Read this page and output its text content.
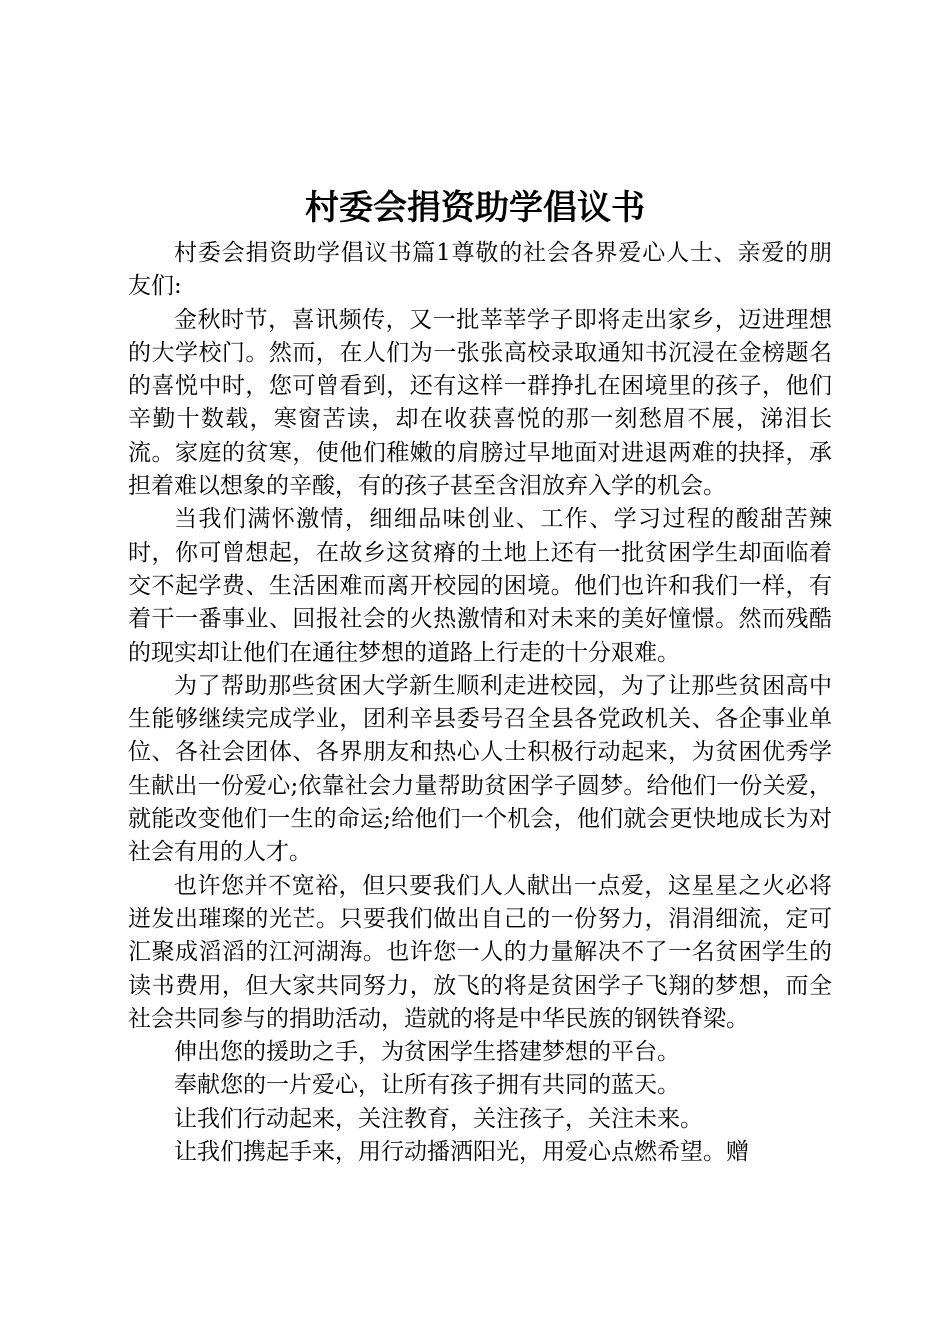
村委会捐资助学倡议书

村委会捐资助学倡议书篇1尊敬的社会各界爱心人士、亲爱的朋友们:

金秋时节，喜讯频传，又一批莘莘学子即将走出家乡，迈进理想的大学校门。然而，在人们为一张张高校录取通知书沉浸在金榜题名的喜悦中时，您可曾看到，还有这样一群挣扎在困境里的孩子，他们辛勤十数载，寒窗苦读，却在收获喜悦的那一刻愁眉不展，涕泪长流。家庭的贫寒，使他们稚嫩的肩膀过早地面对进退两难的抉择，承担着难以想象的辛酸，有的孩子甚至含泪放弃入学的机会。

当我们满怀激情，细细品味创业、工作、学习过程的酸甜苦辣时，你可曾想起，在故乡这贫瘠的土地上还有一批贫困学生却面临着交不起学费、生活困难而离开校园的困境。他们也许和我们一样，有着干一番事业、回报社会的火热激情和对未来的美好憧憬。然而残酷的现实却让他们在通往梦想的道路上行走的十分艰难。

为了帮助那些贫困大学新生顺利走进校园，为了让那些贫困高中生能够继续完成学业，团利辛县委号召全县各党政机关、各企事业单位、各社会团体、各界朋友和热心人士积极行动起来，为贫困优秀学生献出一份爱心;依靠社会力量帮助贫困学子圆梦。给他们一份关爱，就能改变他们一生的命运;给他们一个机会，他们就会更快地成长为对社会有用的人才。

也许您并不宽裕，但只要我们人人献出一点爱，这星星之火必将迸发出璀璨的光芒。只要我们做出自己的一份努力，涓涓细流，定可汇聚成滔滔的江河湖海。也许您一人的力量解决不了一名贫困学生的读书费用，但大家共同努力，放飞的将是贫困学子飞翔的梦想，而全社会共同参与的捐助活动，造就的将是中华民族的钢铁脊梁。

伸出您的援助之手，为贫困学生搭建梦想的平台。

奉献您的一片爱心，让所有孩子拥有共同的蓝天。

让我们行动起来，关注教育，关注孩子，关注未来。

让我们携起手来，用行动播洒阳光，用爱心点燃希望。赠
